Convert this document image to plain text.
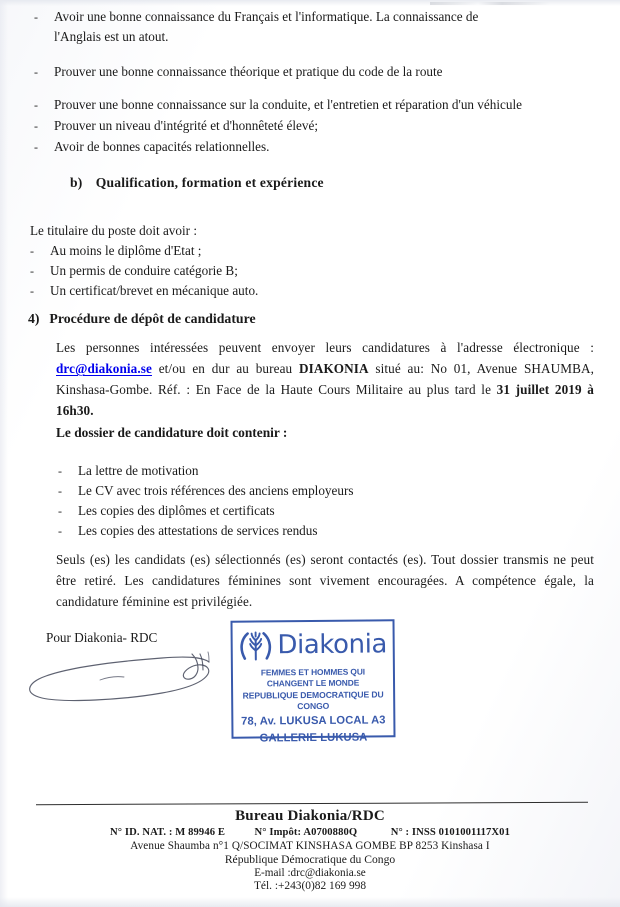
-	Avoir une bonne connaissance du Français et l'informatique. La connaissance de l'Anglais est un atout.
-	Prouver une bonne connaissance théorique et pratique du code de la route
-	Prouver une bonne connaissance sur la conduite, et l'entretien et réparation d'un véhicule
-	Prouver un niveau d'intégrité et d'honnêteté élevé;
-	Avoir de bonnes capacités relationnelles.
b) Qualification, formation et expérience
Le titulaire du poste doit avoir :
-	Au moins le diplôme d'Etat ;
-	Un permis de conduire catégorie B;
-	Un certificat/brevet en mécanique auto.
4) Procédure de dépôt de candidature
Les personnes intéressées peuvent envoyer leurs candidatures à l'adresse électronique : drc@diakonia.se et/ou en dur au bureau DIAKONIA situé au: No 01, Avenue SHAUMBA, Kinshasa-Gombe. Réf. : En Face de la Haute Cours Militaire au plus tard le 31 juillet 2019 à 16h30.
Le dossier de candidature doit contenir :
-	La lettre de motivation
-	Le CV avec trois références des anciens employeurs
-	Les copies des diplômes et certificats
-	Les copies des attestations de services rendus
Seuls (es) les candidats (es) sélectionnés (es) seront contactés (es). Tout dossier transmis ne peut être retiré. Les candidatures féminines sont vivement encouragées. A compétence égale, la candidature féminine est privilégiée.
Pour Diakonia- RDC	Diakonia
FEMMES ET HOMMES QUI CHANGENT LE MONDE
REPUBLIQUE DEMOCRATIQUE DU CONGO
78, Av. LUKUSA LOCAL A3
GALLERIE LUKUSA
Bureau Diakonia/RDC
N° ID. NAT. : M 89946 E	N° Impôt: A0700880Q	N° : INSS 0101001117X01
Avenue Shaumba n°1 Q/SOCIMAT KINSHASA GOMBE BP 8253 Kinshasa I
République Démocratique du Congo
E-mail :drc@diakonia.se
Tél. :+243(0)82 169 998
